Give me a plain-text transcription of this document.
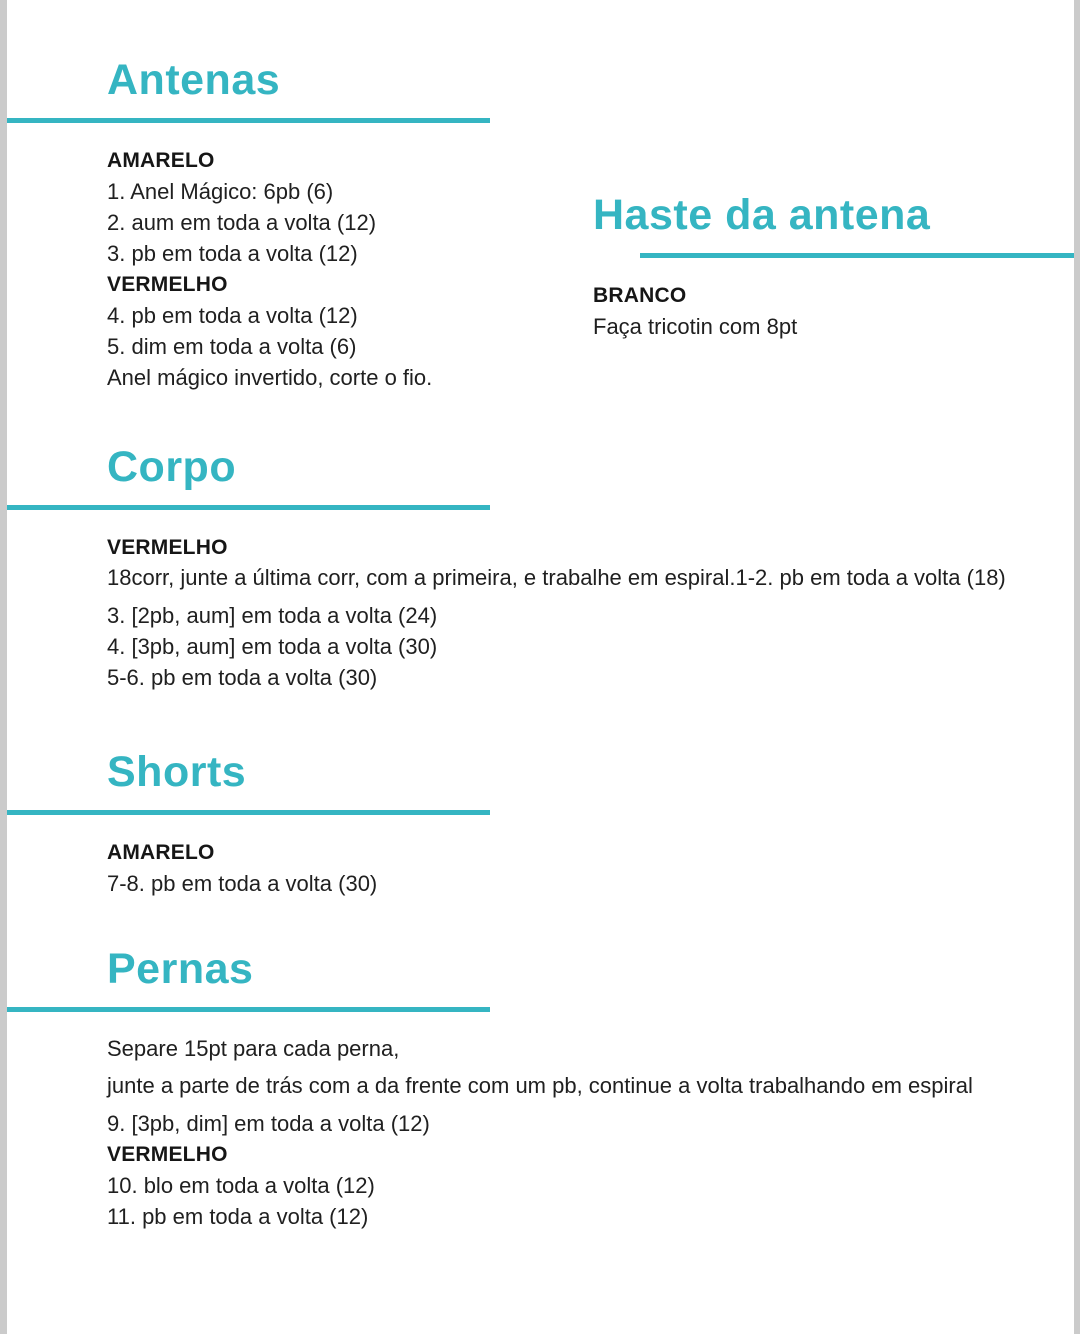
Antenas
AMARELO
1. Anel Mágico: 6pb (6)
2. aum em toda a volta (12)
3. pb em toda a volta (12)
VERMELHO
4. pb em toda a volta (12)
5. dim em toda a volta (6)
Anel mágico invertido, corte o fio.
Haste da antena
BRANCO
Faça tricotin com 8pt
Corpo
VERMELHO

18corr, junte a última corr, com a primeira, e trabalhe em espiral.1-2. pb em toda a volta (18)

3. [2pb, aum] em toda a volta (24)
4. [3pb, aum] em toda a volta (30)
5-6. pb em toda a volta (30)
Shorts
AMARELO
7-8. pb em toda a volta (30)
Pernas

Separe 15pt para cada perna,

junte a parte de trás com a da frente com um pb, continue a volta trabalhando em espiral

9. [3pb, dim] em toda a volta (12)
VERMELHO
10. blo em toda a volta (12)
11. pb em toda a volta (12)
